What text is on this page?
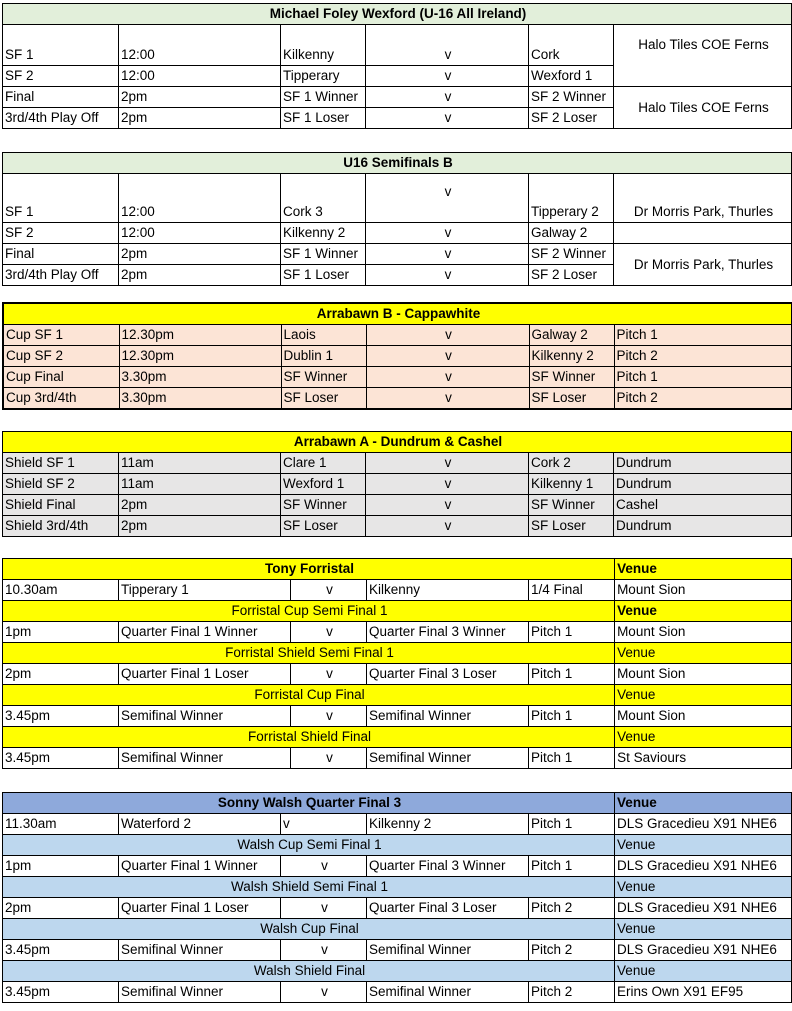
Michael Foley Wexford (U-16 All Ireland)					
SF 1	12:00	Kilkenny	v	Cork	Halo Tiles COE Ferns
SF 2	12:00	Tipperary	v	Wexford 1	
Final	2pm	SF 1 Winner	v	SF 2 Winner	Halo Tiles COE Ferns
3rd/4th Play Off	2pm	SF 1 Loser	v	SF 2 Loser	
U16 Semifinals B					
SF 1	12:00	Cork 3	v	Tipperary 2	Dr Morris Park, Thurles
SF 2	12:00	Kilkenny 2	v	Galway 2	
Final	2pm	SF 1 Winner	v	SF 2 Winner	Dr Morris Park, Thurles
3rd/4th Play Off	2pm	SF 1 Loser	v	SF 2 Loser	
Arrabawn B - Cappawhite					
Cup SF 1	12.30pm	Laois	v	Galway 2	Pitch 1
Cup SF 2	12.30pm	Dublin 1	v	Kilkenny 2	Pitch 2
Cup Final	3.30pm	SF Winner	v	SF Winner	Pitch 1
Cup 3rd/4th	3.30pm	SF Loser	v	SF Loser	Pitch 2
Arrabawn A - Dundrum & Cashel					
Shield SF 1	11am	Clare 1	v	Cork 2	Dundrum
Shield SF 2	11am	Wexford 1	v	Kilkenny 1	Dundrum
Shield Final	2pm	SF Winner	v	SF Winner	Cashel
Shield 3rd/4th	2pm	SF Loser	v	SF Loser	Dundrum
Tony Forristal					Venue
10.30am	Tipperary 1	v	Kilkenny	1/4 Final	Mount Sion
Forristal Cup Semi Final 1					Venue
1pm	Quarter Final 1 Winner	v	Quarter Final 3 Winner	Pitch 1	Mount Sion
Forristal Shield Semi Final 1					Venue
2pm	Quarter Final 1 Loser	v	Quarter Final 3 Loser	Pitch 1	Mount Sion
Forristal Cup Final					Venue
3.45pm	Semifinal Winner	v	Semifinal Winner	Pitch 1	Mount Sion
Forristal Shield Final					Venue
3.45pm	Semifinal Winner	v	Semifinal Winner	Pitch 1	St Saviours
Sonny Walsh Quarter Final 3					Venue
11.30am	Waterford 2	v	Kilkenny 2	Pitch 1	DLS Gracedieu X91 NHE6
Walsh Cup Semi Final 1					Venue
1pm	Quarter Final 1 Winner	v	Quarter Final 3 Winner	Pitch 1	DLS Gracedieu X91 NHE6
Walsh Shield Semi Final 1					Venue
2pm	Quarter Final 1 Loser	v	Quarter Final 3 Loser	Pitch 2	DLS Gracedieu X91 NHE6
Walsh Cup Final					Venue
3.45pm	Semifinal Winner	v	Semifinal Winner	Pitch 2	DLS Gracedieu X91 NHE6
Walsh Shield Final					Venue
3.45pm	Semifinal Winner	v	Semifinal Winner	Pitch 2	Erins Own X91 EF95
